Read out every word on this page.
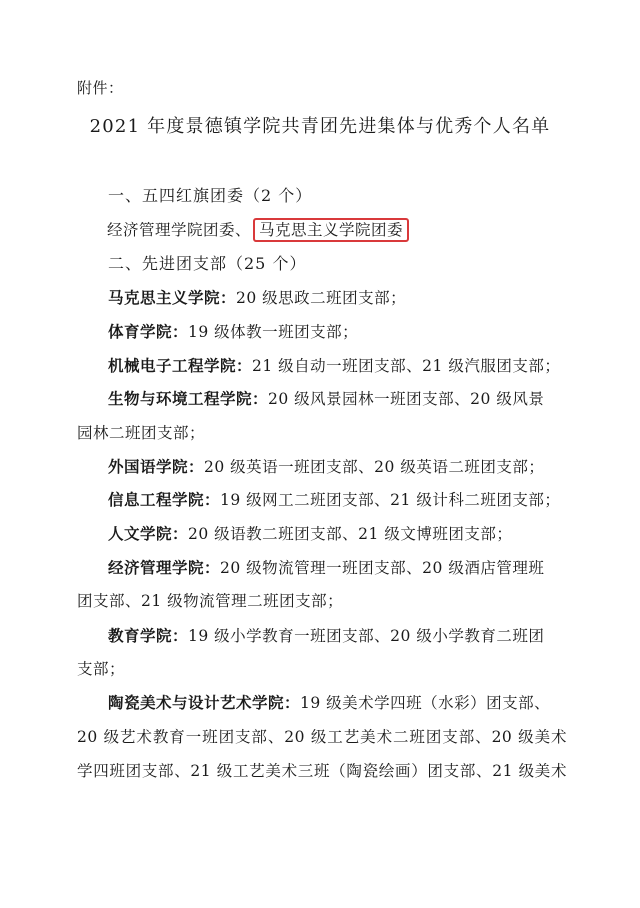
附件：
2021 年度景德镇学院共青团先进集体与优秀个人名单
一、五四红旗团委（2 个）
经济管理学院团委、 马克思主义学院团委
二、先进团支部（25 个）
马克思主义学院：20 级思政二班团支部；
体育学院：19 级体教一班团支部；
机械电子工程学院：21 级自动一班团支部、21 级汽服团支部；
生物与环境工程学院：20 级风景园林一班团支部、20 级风景
园林二班团支部；
外国语学院：20 级英语一班团支部、20 级英语二班团支部；
信息工程学院：19 级网工二班团支部、21 级计科二班团支部；
人文学院：20 级语教二班团支部、21 级文博班团支部；
经济管理学院：20 级物流管理一班团支部、20 级酒店管理班
团支部、21 级物流管理二班团支部；
教育学院：19 级小学教育一班团支部、20 级小学教育二班团
支部；
陶瓷美术与设计艺术学院：19 级美术学四班（水彩）团支部、
20 级艺术教育一班团支部、20 级工艺美术二班团支部、20 级美术
学四班团支部、21 级工艺美术三班（陶瓷绘画）团支部、21 级美术
